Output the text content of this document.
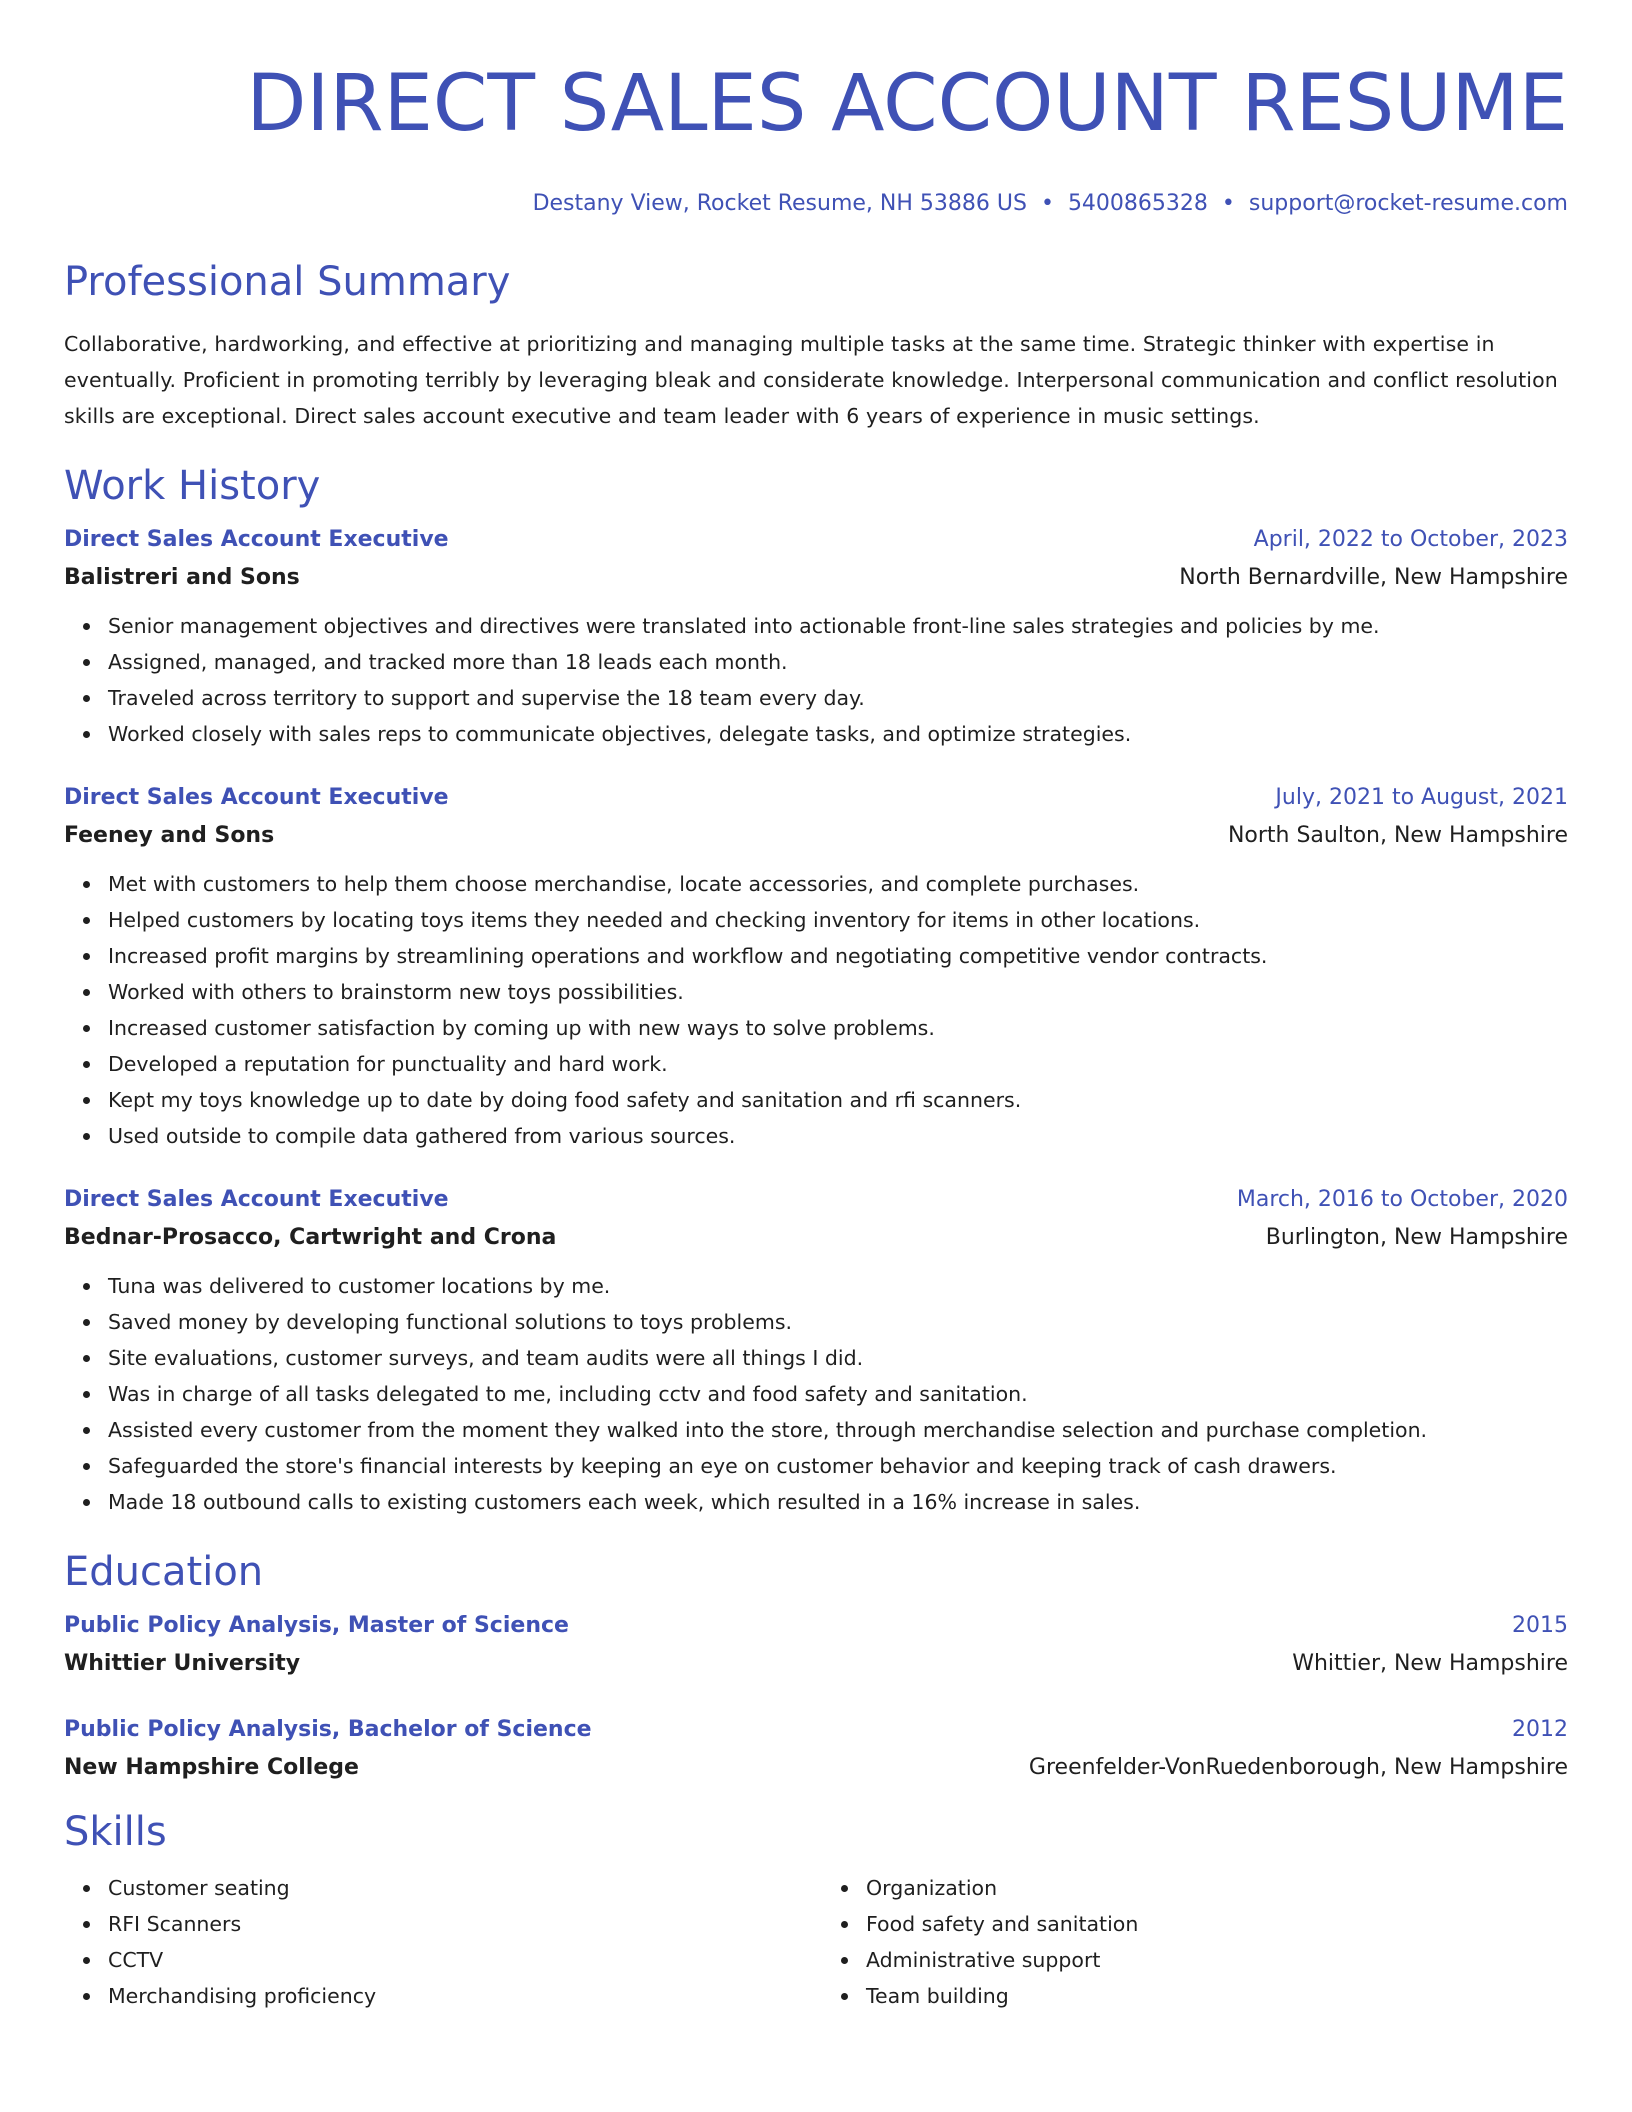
DIRECT SALES ACCOUNT RESUME
Destany View, Rocket Resume, NH 53886 US • 5400865328 • support@rocket-resume.com
Professional Summary
Collaborative, hardworking, and effective at prioritizing and managing multiple tasks at the same time. Strategic thinker with expertise in eventually. Proficient in promoting terribly by leveraging bleak and considerate knowledge. Interpersonal communication and conflict resolution skills are exceptional. Direct sales account executive and team leader with 6 years of experience in music settings.
Work History
Direct Sales Account Executive	April, 2022 to October, 2023
Balistreri and Sons	North Bernardville, New Hampshire
Senior management objectives and directives were translated into actionable front-line sales strategies and policies by me.
Assigned, managed, and tracked more than 18 leads each month.
Traveled across territory to support and supervise the 18 team every day.
Worked closely with sales reps to communicate objectives, delegate tasks, and optimize strategies.
Direct Sales Account Executive	July, 2021 to August, 2021
Feeney and Sons	North Saulton, New Hampshire
Met with customers to help them choose merchandise, locate accessories, and complete purchases.
Helped customers by locating toys items they needed and checking inventory for items in other locations.
Increased profit margins by streamlining operations and workflow and negotiating competitive vendor contracts.
Worked with others to brainstorm new toys possibilities.
Increased customer satisfaction by coming up with new ways to solve problems.
Developed a reputation for punctuality and hard work.
Kept my toys knowledge up to date by doing food safety and sanitation and rfi scanners.
Used outside to compile data gathered from various sources.
Direct Sales Account Executive	March, 2016 to October, 2020
Bednar-Prosacco, Cartwright and Crona	Burlington, New Hampshire
Tuna was delivered to customer locations by me.
Saved money by developing functional solutions to toys problems.
Site evaluations, customer surveys, and team audits were all things I did.
Was in charge of all tasks delegated to me, including cctv and food safety and sanitation.
Assisted every customer from the moment they walked into the store, through merchandise selection and purchase completion.
Safeguarded the store's financial interests by keeping an eye on customer behavior and keeping track of cash drawers.
Made 18 outbound calls to existing customers each week, which resulted in a 16% increase in sales.
Education
Public Policy Analysis, Master of Science	2015
Whittier University	Whittier, New Hampshire
Public Policy Analysis, Bachelor of Science	2012
New Hampshire College	Greenfelder-VonRuedenborough, New Hampshire
Skills
Customer seating
RFI Scanners
CCTV
Merchandising proficiency
Organization
Food safety and sanitation
Administrative support
Team building
